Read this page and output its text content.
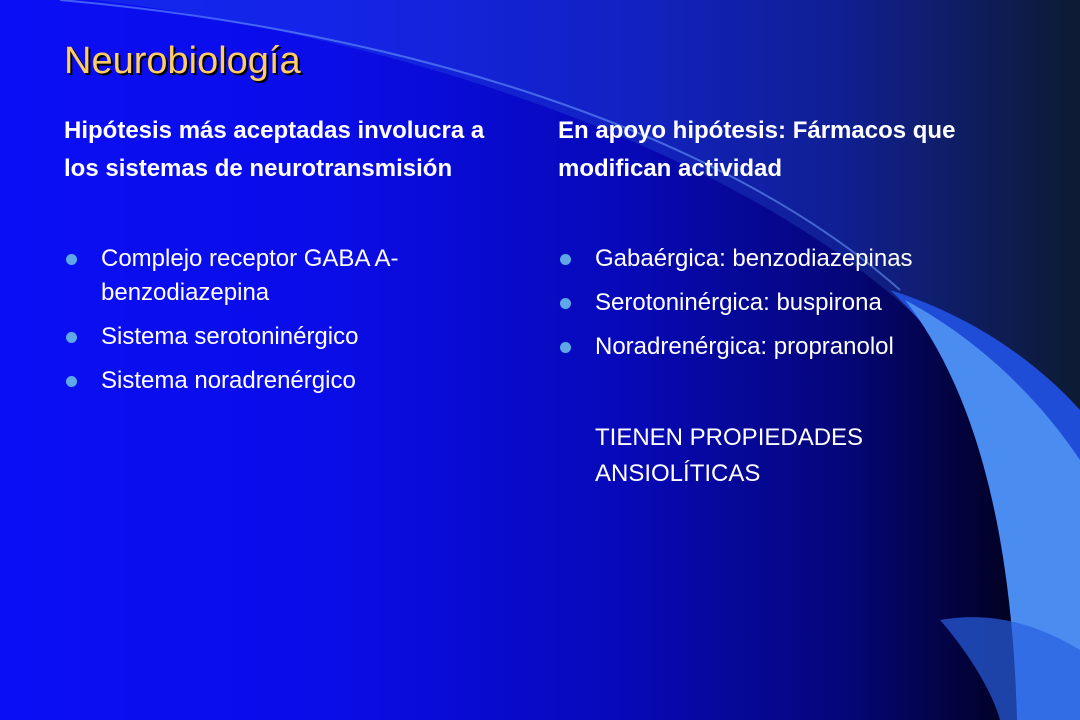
Neurobiología

Hipótesis más aceptadas involucra a los sistemas de neurotransmisión

Complejo receptor GABA A-benzodiazepina
Sistema serotoninérgico
Sistema noradrenérgico

En apoyo hipótesis: Fármacos que modifican actividad

Gabaérgica: benzodiazepinas
Serotoninérgica: buspirona
Noradrenérgica: propranolol

TIENEN PROPIEDADES ANSIOLÍTICAS
